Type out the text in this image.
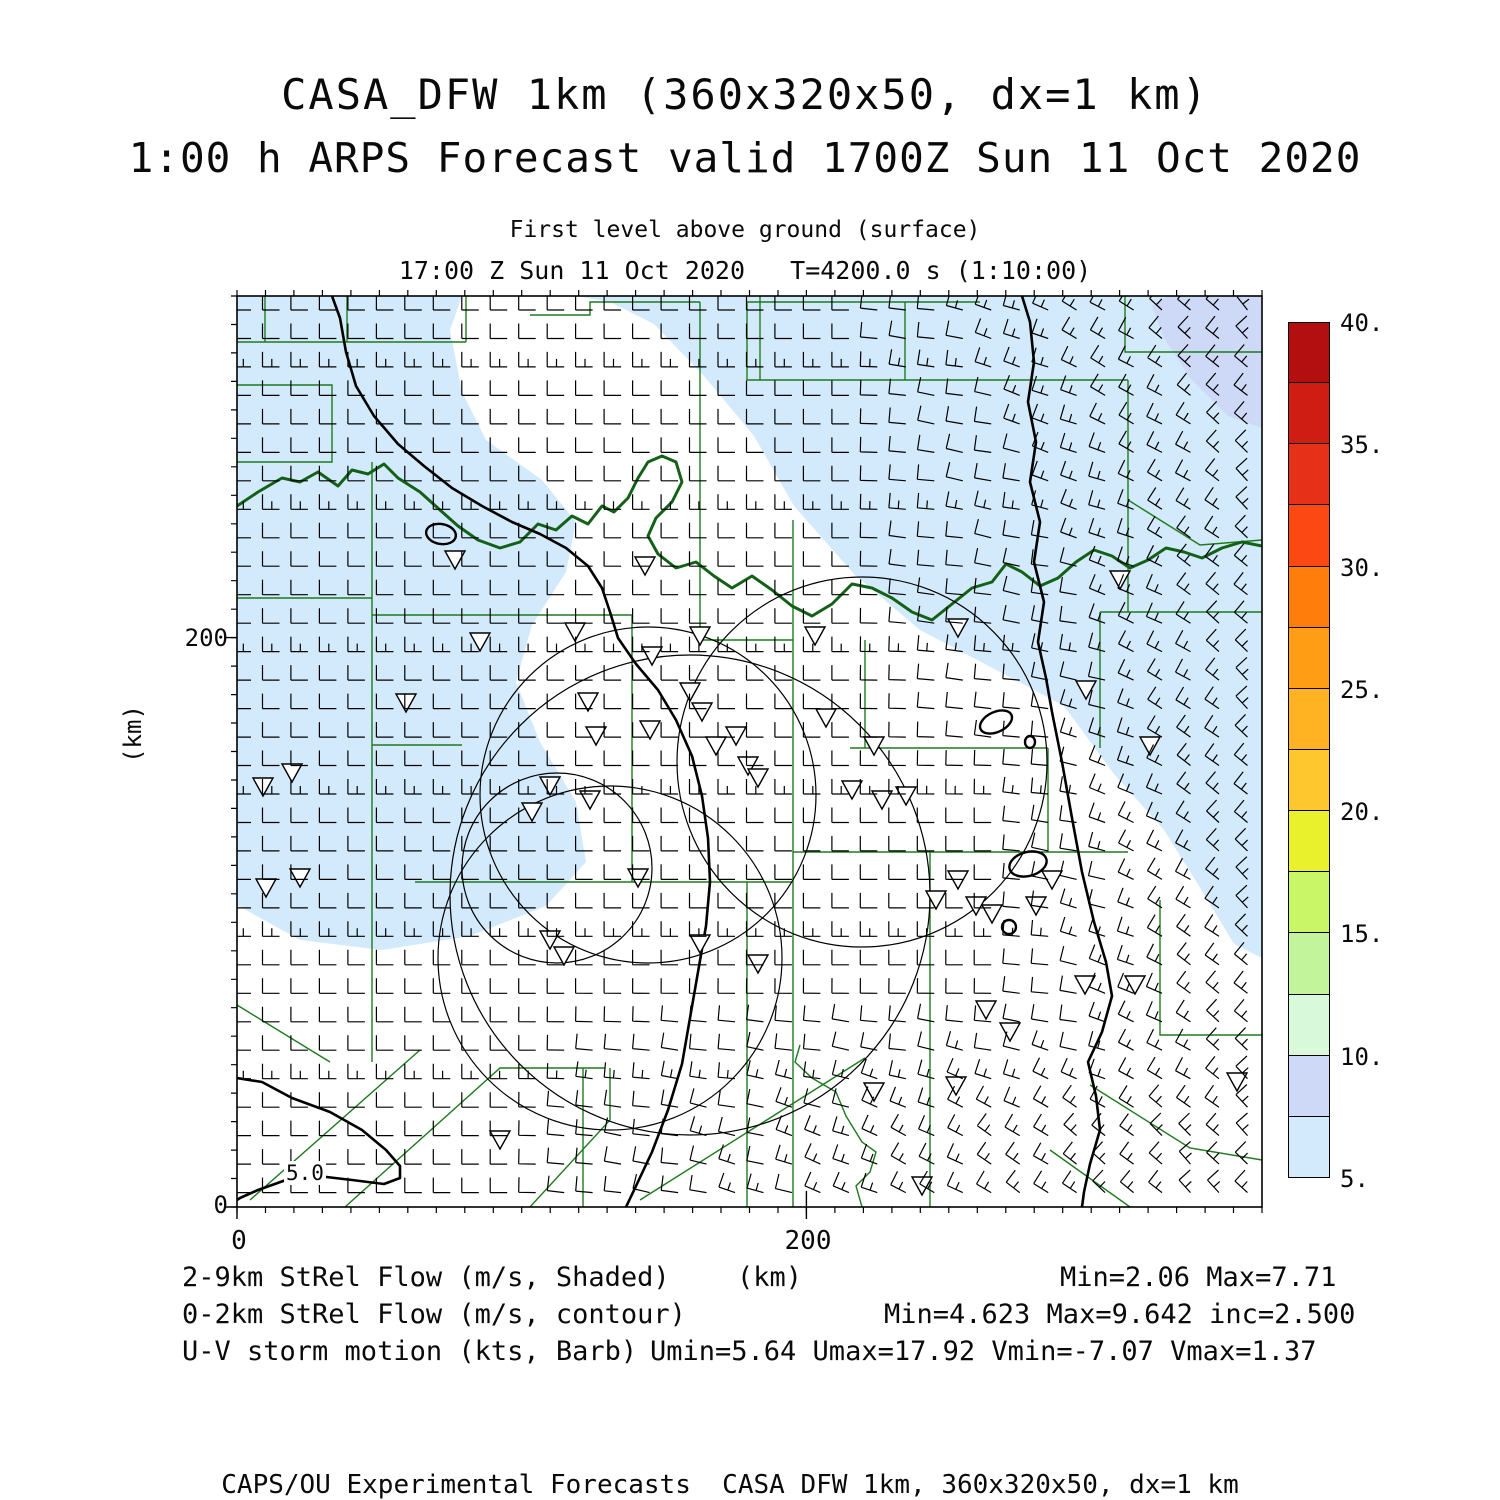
CASA_DFW 1km (360x320x50, dx=1 km)
1:00 h ARPS Forecast valid 1700Z Sun 11 Oct 2020
First level above ground (surface)
17:00 Z Sun 11 Oct 2020   T=4200.0 s (1:10:00)
200
0
(km)
0	200
5.0
2-9km StRel Flow (m/s, Shaded) (km)	Min=2.06 Max=7.71
0-2km StRel Flow (m/s, contour)	Min=4.623 Max=9.642 inc=2.500
U-V storm motion (kts, Barb) Umin=5.64 Umax=17.92 Vmin=-7.07 Vmax=1.37
CAPS/OU Experimental Forecasts  CASA DFW 1km, 360x320x50, dx=1 km
40.
35.
30.
25.
20.
15.
10.
5.
